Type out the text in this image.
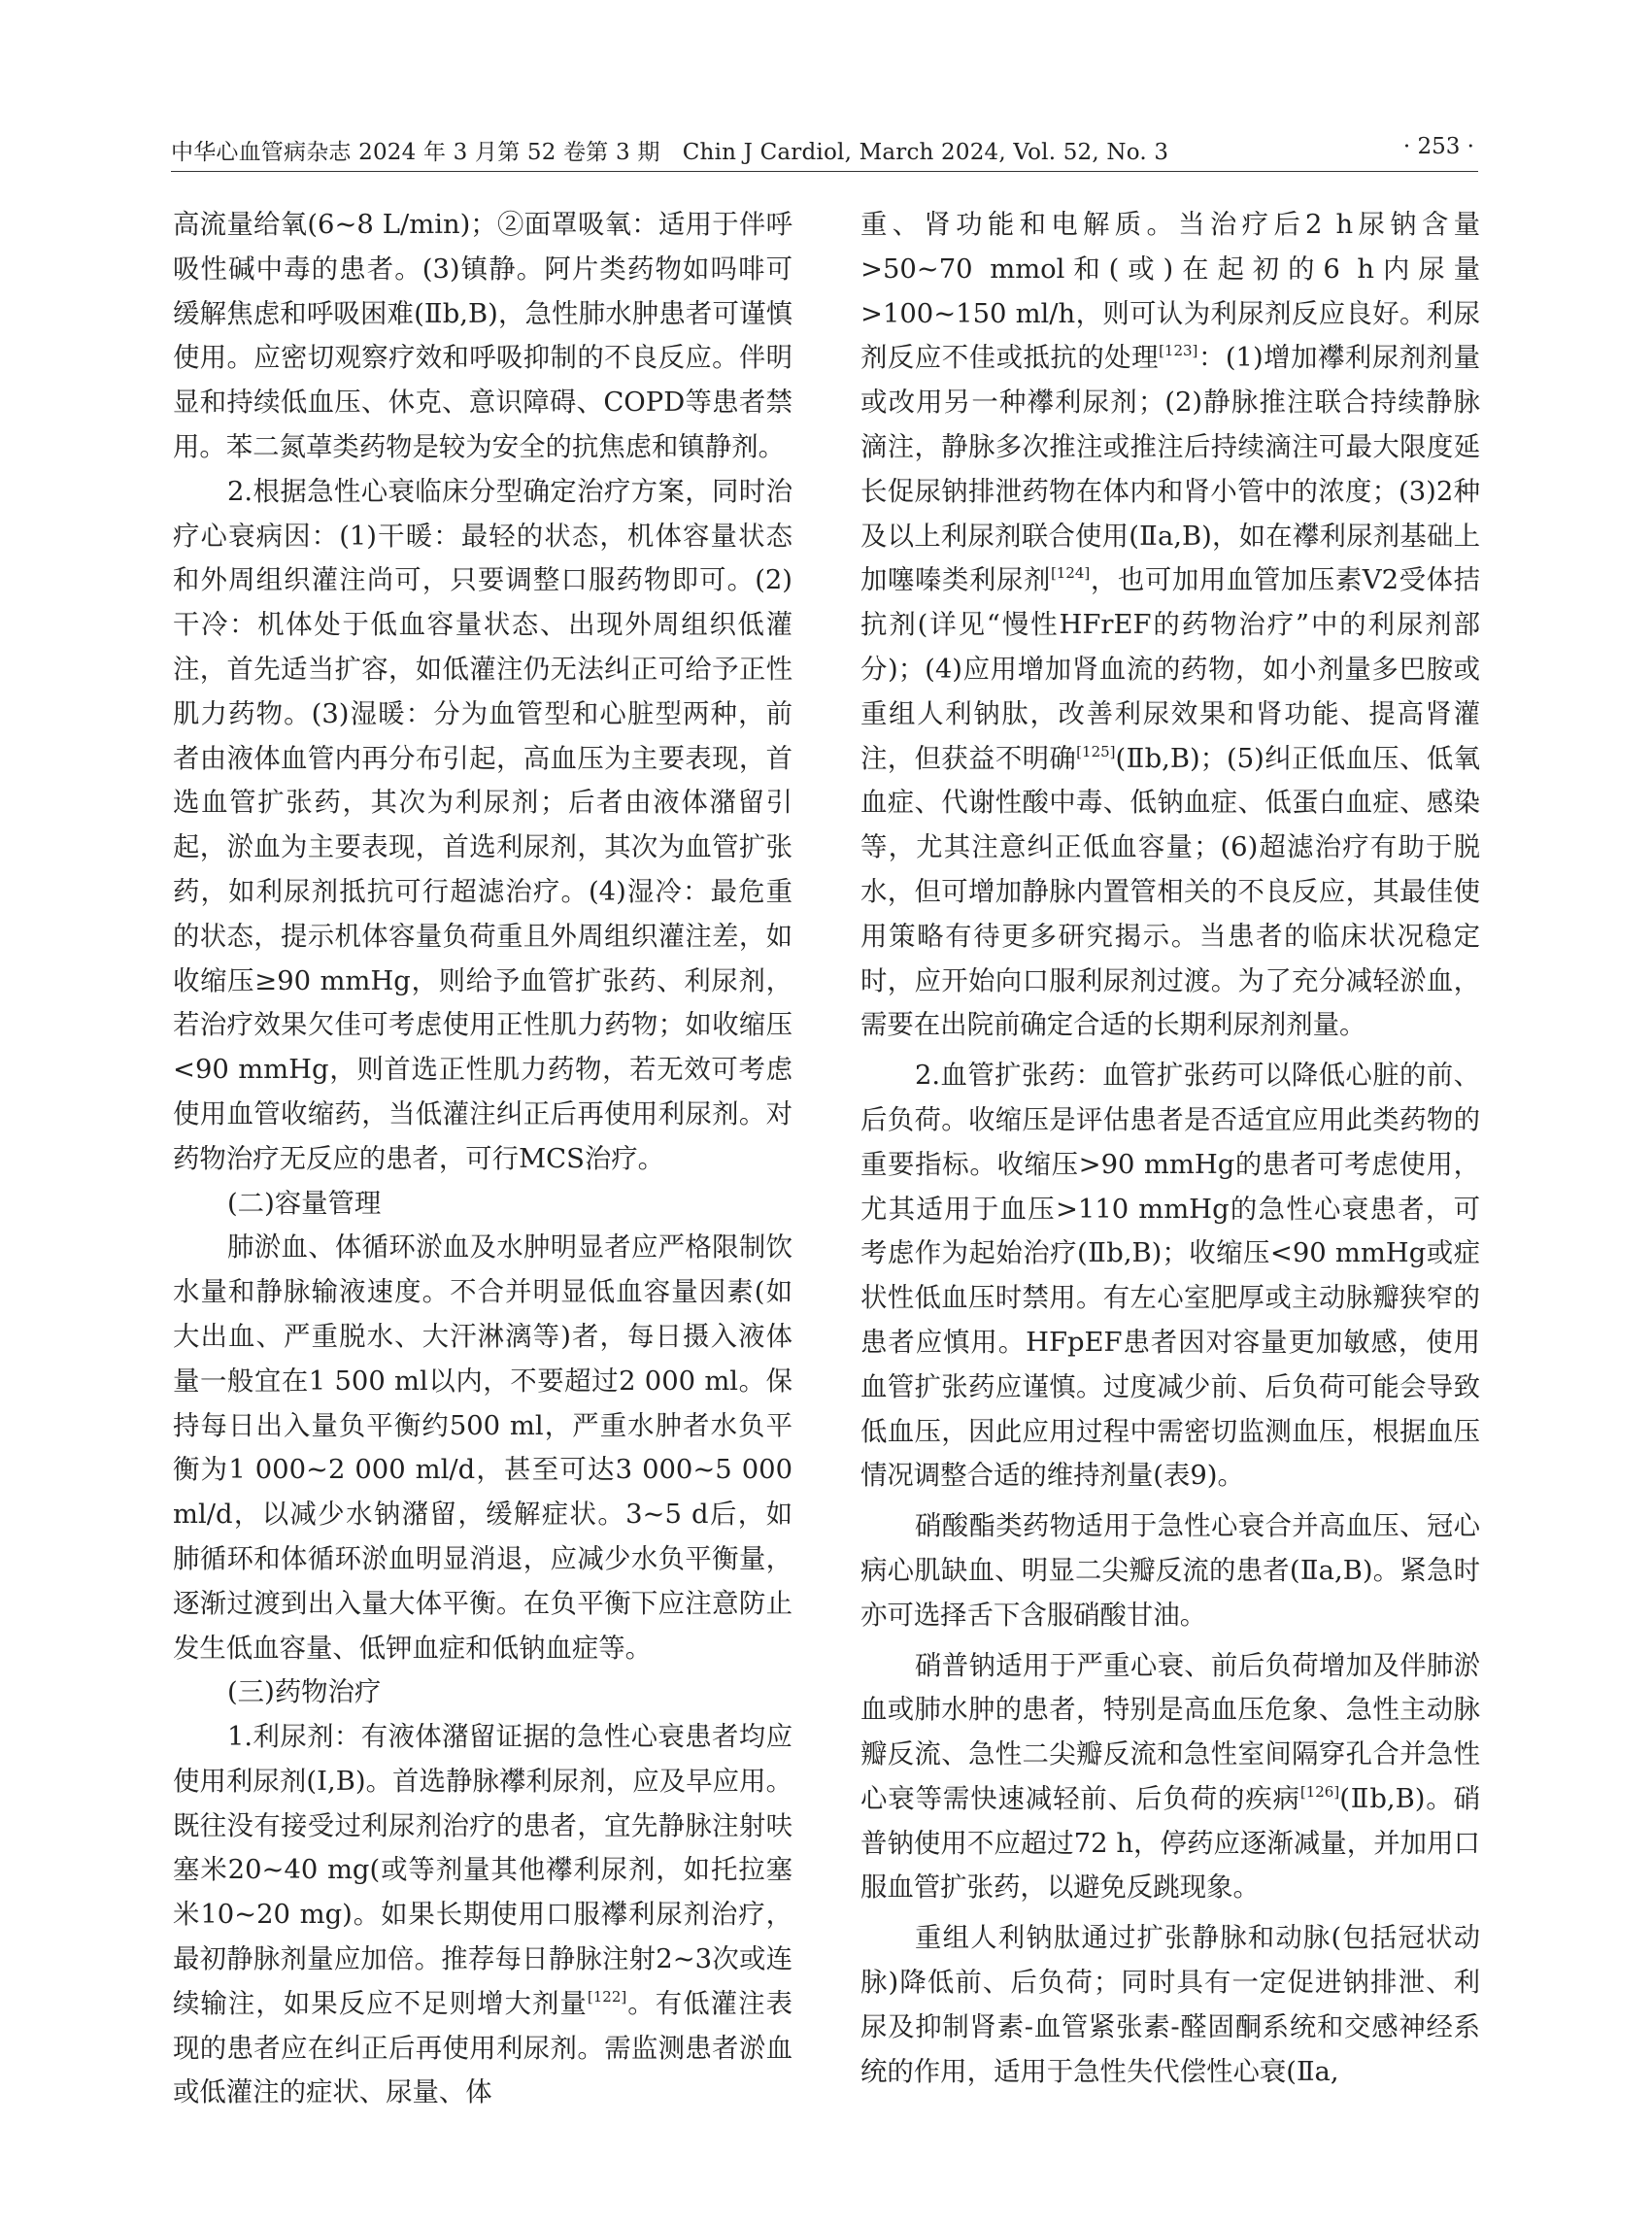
中华心血管病杂志 2024 年 3 月第 52 卷第 3 期　Chin J Cardiol, March 2024, Vol. 52, No. 3	· 253 ·

高流量给氧(6~8 L/min)；②面罩吸氧：适用于伴呼吸性碱中毒的患者。(3)镇静。阿片类药物如吗啡可缓解焦虑和呼吸困难(Ⅱb,B)，急性肺水肿患者可谨慎使用。应密切观察疗效和呼吸抑制的不良反应。伴明显和持续低血压、休克、意识障碍、COPD等患者禁用。苯二氮䓬类药物是较为安全的抗焦虑和镇静剂。

2.根据急性心衰临床分型确定治疗方案，同时治疗心衰病因：(1)干暖：最轻的状态，机体容量状态和外周组织灌注尚可，只要调整口服药物即可。(2)干冷：机体处于低血容量状态、出现外周组织低灌注，首先适当扩容，如低灌注仍无法纠正可给予正性肌力药物。(3)湿暖：分为血管型和心脏型两种，前者由液体血管内再分布引起，高血压为主要表现，首选血管扩张药，其次为利尿剂；后者由液体潴留引起，淤血为主要表现，首选利尿剂，其次为血管扩张药，如利尿剂抵抗可行超滤治疗。(4)湿冷：最危重的状态，提示机体容量负荷重且外周组织灌注差，如收缩压≥90 mmHg，则给予血管扩张药、利尿剂，若治疗效果欠佳可考虑使用正性肌力药物；如收缩压<90 mmHg，则首选正性肌力药物，若无效可考虑使用血管收缩药，当低灌注纠正后再使用利尿剂。对药物治疗无反应的患者，可行MCS治疗。

(二)容量管理

肺淤血、体循环淤血及水肿明显者应严格限制饮水量和静脉输液速度。不合并明显低血容量因素(如大出血、严重脱水、大汗淋漓等)者，每日摄入液体量一般宜在1 500 ml以内，不要超过2 000 ml。保持每日出入量负平衡约500 ml，严重水肿者水负平衡为1 000~2 000 ml/d，甚至可达3 000~5 000 ml/d，以减少水钠潴留，缓解症状。3~5 d后，如肺循环和体循环淤血明显消退，应减少水负平衡量，逐渐过渡到出入量大体平衡。在负平衡下应注意防止发生低血容量、低钾血症和低钠血症等。

(三)药物治疗

1.利尿剂：有液体潴留证据的急性心衰患者均应使用利尿剂(Ⅰ,B)。首选静脉襻利尿剂，应及早应用。既往没有接受过利尿剂治疗的患者，宜先静脉注射呋塞米20~40 mg(或等剂量其他襻利尿剂，如托拉塞米10~20 mg)。如果长期使用口服襻利尿剂治疗，最初静脉剂量应加倍。推荐每日静脉注射2~3次或连续输注，如果反应不足则增大剂量[122]。有低灌注表现的患者应在纠正后再使用利尿剂。需监测患者淤血或低灌注的症状、尿量、体

重、肾功能和电解质。当治疗后2 h尿钠含量>50~70 mmol和(或)在起初的6 h内尿量>100~150 ml/h，则可认为利尿剂反应良好。利尿剂反应不佳或抵抗的处理[123]：(1)增加襻利尿剂剂量或改用另一种襻利尿剂；(2)静脉推注联合持续静脉滴注，静脉多次推注或推注后持续滴注可最大限度延长促尿钠排泄药物在体内和肾小管中的浓度；(3)2种及以上利尿剂联合使用(Ⅱa,B)，如在襻利尿剂基础上加噻嗪类利尿剂[124]，也可加用血管加压素V2受体拮抗剂(详见“慢性HFrEF的药物治疗”中的利尿剂部分)；(4)应用增加肾血流的药物，如小剂量多巴胺或重组人利钠肽，改善利尿效果和肾功能、提高肾灌注，但获益不明确[125](Ⅱb,B)；(5)纠正低血压、低氧血症、代谢性酸中毒、低钠血症、低蛋白血症、感染等，尤其注意纠正低血容量；(6)超滤治疗有助于脱水，但可增加静脉内置管相关的不良反应，其最佳使用策略有待更多研究揭示。当患者的临床状况稳定时，应开始向口服利尿剂过渡。为了充分减轻淤血，需要在出院前确定合适的长期利尿剂剂量。

2.血管扩张药：血管扩张药可以降低心脏的前、后负荷。收缩压是评估患者是否适宜应用此类药物的重要指标。收缩压>90 mmHg的患者可考虑使用，尤其适用于血压>110 mmHg的急性心衰患者，可考虑作为起始治疗(Ⅱb,B)；收缩压<90 mmHg或症状性低血压时禁用。有左心室肥厚或主动脉瓣狭窄的患者应慎用。HFpEF患者因对容量更加敏感，使用血管扩张药应谨慎。过度减少前、后负荷可能会导致低血压，因此应用过程中需密切监测血压，根据血压情况调整合适的维持剂量(表9)。

硝酸酯类药物适用于急性心衰合并高血压、冠心病心肌缺血、明显二尖瓣反流的患者(Ⅱa,B)。紧急时亦可选择舌下含服硝酸甘油。

硝普钠适用于严重心衰、前后负荷增加及伴肺淤血或肺水肿的患者，特别是高血压危象、急性主动脉瓣反流、急性二尖瓣反流和急性室间隔穿孔合并急性心衰等需快速减轻前、后负荷的疾病[126](Ⅱb,B)。硝普钠使用不应超过72 h，停药应逐渐减量，并加用口服血管扩张药，以避免反跳现象。

重组人利钠肽通过扩张静脉和动脉(包括冠状动脉)降低前、后负荷；同时具有一定促进钠排泄、利尿及抑制肾素-血管紧张素-醛固酮系统和交感神经系统的作用，适用于急性失代偿性心衰(Ⅱa,
